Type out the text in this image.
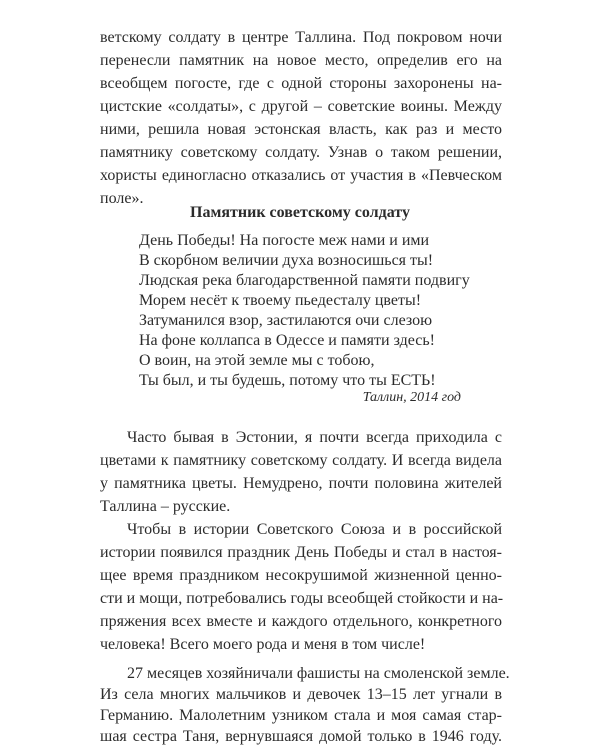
ветскому солдату в центре Таллина. Под покровом ночи

перенесли памятник на новое место, определив его на

всеобщем погосте, где с одной стороны захоронены на-

цистские «солдаты», с другой – советские воины. Между

ними, решила новая эстонская власть, как раз и место

памятнику советскому солдату. Узнав о таком решении,

хористы единогласно отказались от участия в «Певческом

поле».

Памятник советскому солдату

День Победы! На погосте меж нами и ими

В скорбном величии духа возносишься ты!

Людская река благодарственной памяти подвигу

Морем несёт к твоему пьедесталу цветы!

Затуманился взор, застилаются очи слезою

На фоне коллапса в Одессе и памяти здесь!

О воин, на этой земле мы с тобою,

Ты был, и ты будешь, потому что ты ЕСТЬ!

Таллин, 2014 год

Часто бывая в Эстонии, я почти всегда приходила с

цветами к памятнику советскому солдату. И всегда видела

у памятника цветы. Немудрено, почти половина жителей

Таллина – русские.

Чтобы в истории Советского Союза и в российской

истории появился праздник День Победы и стал в настоя-

щее время праздником несокрушимой жизненной ценно-

сти и мощи, потребовались годы всеобщей стойкости и на-

пряжения всех вместе и каждого отдельного, конкретного

человека! Всего моего рода и меня в том числе!

27 месяцев хозяйничали фашисты на смоленской земле.

Из села многих мальчиков и девочек 13–15 лет угнали в

Германию. Малолетним узником стала и моя самая стар-

шая сестра Таня, вернувшаяся домой только в 1946 году.
